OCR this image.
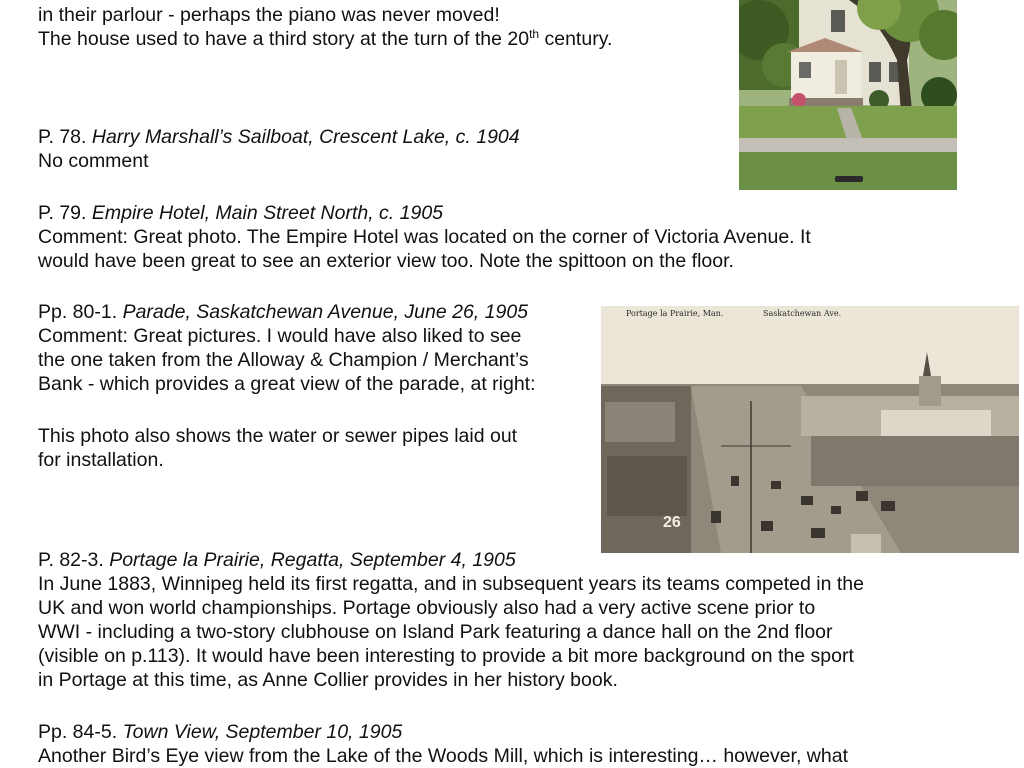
in their parlour - perhaps the piano was never moved!

The house used to have a third story at the turn of the 20th century.

P. 78. Harry Marshall’s Sailboat, Crescent Lake, c. 1904

No comment

P. 79. Empire Hotel, Main Street North, c. 1905

Comment: Great photo. The Empire Hotel was located on the corner of Victoria Avenue. It

would have been great to see an exterior view too. Note the spittoon on the floor.

Pp. 80-1. Parade, Saskatchewan Avenue, June 26, 1905

Comment: Great pictures. I would have also liked to see

the one taken from the Alloway & Champion / Merchant’s

Bank - which provides a great view of the parade, at right:

This photo also shows the water or sewer pipes laid out

for installation.

Portage la Prairie, Man.	Saskatchewan Ave.
26

P. 82-3. Portage la Prairie, Regatta, September 4, 1905

In June 1883, Winnipeg held its first regatta, and in subsequent years its teams competed in the

UK and won world championships. Portage obviously also had a very active scene prior to

WWI - including a two-story clubhouse on Island Park featuring a dance hall on the 2nd floor

(visible on p.113). It would have been interesting to provide a bit more background on the sport

in Portage at this time, as Anne Collier provides in her history book.

Pp. 84-5. Town View, September 10, 1905

Another Bird’s Eye view from the Lake of the Woods Mill, which is interesting… however, what
